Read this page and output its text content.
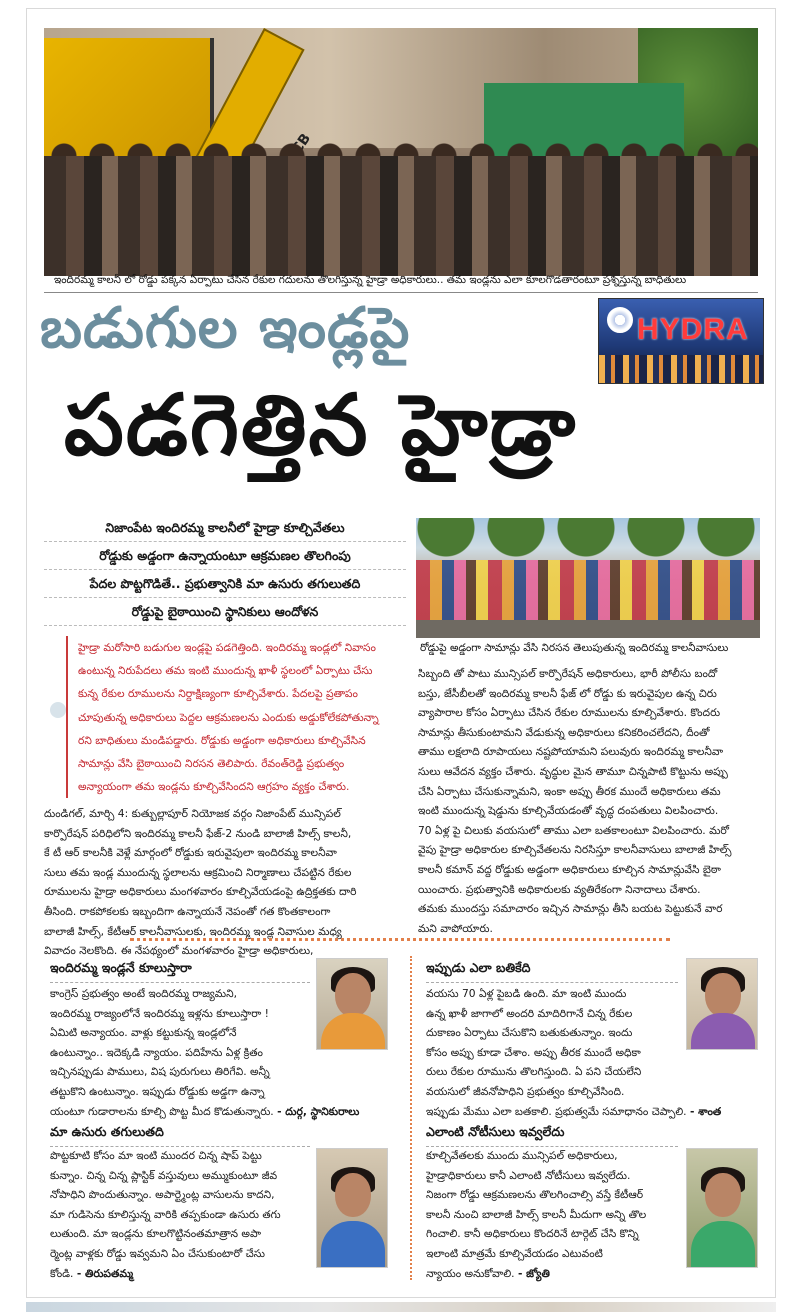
ఇందిరమ్మ కాలనీ లో రోడ్డు పక్కన ఏర్పాటు చేసిన రేకుల గదులను తొలగిస్తున్న హైడ్రా అధికారులు.. తమ ఇండ్లను ఎలా కూలగొడతారంటూ ప్రశ్నిస్తున్న బాధితులు
బడుగుల ఇండ్లపై
పడగెత్తిన హైడ్రా
HYDRA

నిజాంపేట ఇందిరమ్మ కాలనీలో హైడ్రా కూల్చివేతలు

రోడ్డుకు అడ్డంగా ఉన్నాయంటూ ఆక్రమణల తొలగింపు

పేదల పొట్టగొడితే.. ప్రభుత్వానికి మా ఉసురు తగులుతది

రోడ్డుపై బైఠాయించి స్థానికులు ఆందోళన

రోడ్డుపై అడ్డంగా సామాన్లు వేసి నిరసన తెలుపుతున్న ఇందిరమ్మ కాలనీవాసులు

హైడ్రా మరోసారి బడుగుల ఇండ్లపై పడగెత్తింది. ఇందిరమ్మ ఇండ్లలో నివాసం

ఉంటున్న నిరుపేదలు తమ ఇంటి ముందున్న ఖాళీ స్థలంలో ఏర్పాటు చేసు

కున్న రేకుల రూములను నిర్దాక్షిణ్యంగా కూల్చివేశారు. పేదలపై ప్రతాపం

చూపుతున్న అధికారులు పెద్దల ఆక్రమణలను ఎందుకు అడ్డుకోలేకపోతున్నా

రని బాధితులు మండిపడ్డారు. రోడ్డుకు అడ్డంగా అధికారులు కూల్చివేసిన

సామాన్లు వేసి బైఠాయించి నిరసన తెలిపారు. రేవంత్‌రెడ్డి ప్రభుత్వం

అన్యాయంగా తమ ఇండ్లను కూల్చివేసిందని ఆగ్రహం వ్యక్తం చేశారు.

దుండిగల్‌, మార్చి 4: కుత్బుల్లాపూర్‌ నియోజక వర్గం నిజాంపేట్‌ మున్సిపల్‌

కార్పొరేషన్‌ పరిధిలోని ఇందిరమ్మ కాలనీ ఫేజ్‌-2 నుండి బాలాజీ హిల్స్‌ కాలనీ,

కే టీ ఆర్‌ కాలనీకి వెళ్లే మార్గంలో రోడ్డుకు ఇరువైపులా ఇందిరమ్మ కాలనీవా

సులు తమ ఇండ్ల ముందున్న స్థలాలను ఆక్రమించి నిర్మాణాలు చేపట్టిన రేకుల

రూములను హైడ్రా అధికారులు మంగళవారం కూల్చివేయడంపై ఉద్రిక్తతకు దారి

తీసింది. రాకపోకలకు ఇబ్బందిగా ఉన్నాయనే నెపంతో గత కొంతకాలంగా

బాలాజీ హిల్స్‌, కేటీఆర్‌ కాలనీవాసులకు, ఇందిరమ్మ ఇండ్ల నివాసుల మధ్య

వివాదం నెలకొంది. ఈ నేపథ్యంలో మంగళవారం హైడ్రా అధికారులు,

సిబ్బంది తో పాటు మున్సిపల్‌ కార్పొరేషన్‌ అధికారులు, భారీ పోలీసు బందో

బస్తు, జేసీబీలతో ఇందిరమ్మ కాలనీ ఫేజ్‌ లో రోడ్డు కు ఇరువైపుల ఉన్న చిరు

వ్యాపారాల కోసం ఏర్పాటు చేసిన రేకుల రూములను కూల్చివేశారు. కొందరు

సామాన్లు తీసుకుంటామని వేడుకున్న అధికారులు కనికరించలేదని, దీంతో

తాము లక్షలాది రూపాయలు నష్టపోయామని పలువురు ఇందిరమ్మ కాలనీవా

సులు ఆవేదన వ్యక్తం చేశారు. వృద్ధుల మైన తామూ చిన్నపాటి కొట్టును అప్పు

చేసి ఏర్పాటు చేసుకున్నామని, ఇంకా అప్పు తీరక ముందే అధికారులు తమ

ఇంటి ముందున్న షెడ్డును కూల్చివేయడంతో వృద్ధ దంపతులు విలపించారు.

70 ఏళ్ల పై చిలుకు వయసులో తాము ఎలా బతకాలంటూ విలపించారు. మరో

వైపు హైడ్రా అధికారుల కూల్చివేతలను నిరసిస్తూ కాలనీవాసులు బాలాజీ హిల్స్‌

కాలనీ కమాన్‌ వద్ద రోడ్డుకు అడ్డంగా అధికారులు కూల్చిన సామాన్లువేసి బైఠా

యించారు. ప్రభుత్వానికి అధికారులకు వ్యతిరేకంగా నినాదాలు చేశారు.

తమకు ముందస్తు సమాచారం ఇచ్చిన సామాన్లు తీసి బయట పెట్టుకునే వార

మని వాపోయారు.

ఇందిరమ్మ ఇండ్లనే కూలుస్తారా

కాంగ్రెస్‌ ప్రభుత్వం అంటే ఇందిరమ్మ రాజ్యమని,

ఇందిరమ్మ రాజ్యంలోనే ఇందిరమ్మ ఇళ్లను కూలుస్తారా !

ఏమిటి అన్యాయం. వాళ్లు కట్టుకున్న ఇండ్లలోనే

ఉంటున్నాం.. ఇదెక్కడి న్యాయం. పదిహేను ఏళ్ల క్రితం

ఇచ్చినప్పుడు పాములు, విష పురుగులు తిరిగేవి. అన్నీ

తట్టుకొని ఉంటున్నాం. ఇప్పుడు రోడ్డుకు అడ్డగా ఉన్నా

యంటూ గుడారాలను కూల్చి పొట్ట మీద కొడుతున్నారు. - దుర్గ, స్థానికురాలు

మా ఉసురు తగులుతది

పొట్టకూటి కోసం మా ఇంటి ముందర చిన్న షాప్‌ పెట్టు

కున్నాం. చిన్న చిన్న ప్లాస్టిక్‌ వస్తువులు అమ్ముకుంటూ జీవ

నోపాధిని పొందుతున్నాం. అపార్ట్మెంట్ల వాసులను కాదని,

మా గుడిసెను కూలిస్తున్న వారికి తప్పకుండా ఉసురు తగు

లుతుంది. మా ఇండ్లను కూలగొట్టినంతమాత్రాన అపా

ర్మెంట్ల వాళ్లకు రోడ్డు ఇవ్వమని ఏం చేసుకుంటారో చేసు

కోండి. - తిరుపతమ్మ

ఇప్పుడు ఎలా బతికేది

వయసు 70 ఏళ్ల పైబడి ఉంది. మా ఇంటి ముందు

ఉన్న ఖాళీ జాగాలో అందరి మాదిరిగానే చిన్న రేకుల

దుకాణం ఏర్పాటు చేసుకొని బతుకుతున్నాం. ఇందు

కోసం అప్పు కూడా చేశాం. అప్పు తీరక ముందే అధికా

రులు రేకుల రూమును తొలగిస్తుంది. ఏ పని చేయలేని

వయసులో జీవనోపాధిని ప్రభుత్వం కూల్చివేసింది.

ఇప్పుడు మేము ఎలా బతకాలి. ప్రభుత్వమే సమాధానం చెప్పాలి. - శాంత

ఎలాంటి నోటీసులు ఇవ్వలేదు

కూల్చివేతలకు ముందు మున్సిపల్‌ అధికారులు,

హైడ్రాధికారులు కానీ ఎలాంటి నోటీసులు ఇవ్వలేదు.

నిజంగా రోడ్డు ఆక్రమణలను తొలగించాల్సి వస్తే కేటీఆర్‌

కాలనీ నుంచి బాలాజీ హిల్స్‌ కాలనీ మీదుగా అన్ని తొల

గించాలి. కానీ అధికారులు కొందరినే టార్గెట్‌ చేసి కొన్ని

ఇలాంటి మాత్రమే కూల్చివేయడం ఎటువంటి

న్యాయం అనుకోవాలి. - జ్యోతి
